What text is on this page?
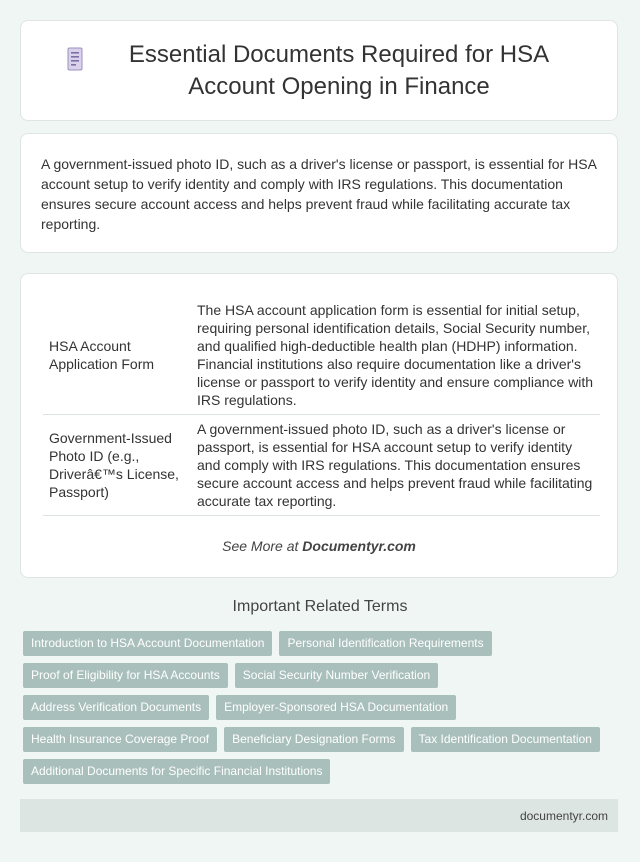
Essential Documents Required for HSA Account Opening in Finance

A government-issued photo ID, such as a driver's license or passport, is essential for HSA account setup to verify identity and comply with IRS regulations. This documentation ensures secure account access and helps prevent fraud while facilitating accurate tax reporting.

HSA Account Application Form	The HSA account application form is essential for initial setup, requiring personal identification details, Social Security number, and qualified high-deductible health plan (HDHP) information. Financial institutions also require documentation like a driver's license or passport to verify identity and ensure compliance with IRS regulations.
Government-Issued Photo ID (e.g., Driverâ€™s License, Passport)	A government-issued photo ID, such as a driver's license or passport, is essential for HSA account setup to verify identity and comply with IRS regulations. This documentation ensures secure account access and helps prevent fraud while facilitating accurate tax reporting.
See More at Documentyr.com
Important Related Terms
Introduction to HSA Account Documentation	Personal Identification Requirements
Proof of Eligibility for HSA Accounts	Social Security Number Verification
Address Verification Documents	Employer-Sponsored HSA Documentation
Health Insurance Coverage Proof	Beneficiary Designation Forms	Tax Identification Documentation
Additional Documents for Specific Financial Institutions
documentyr.com
